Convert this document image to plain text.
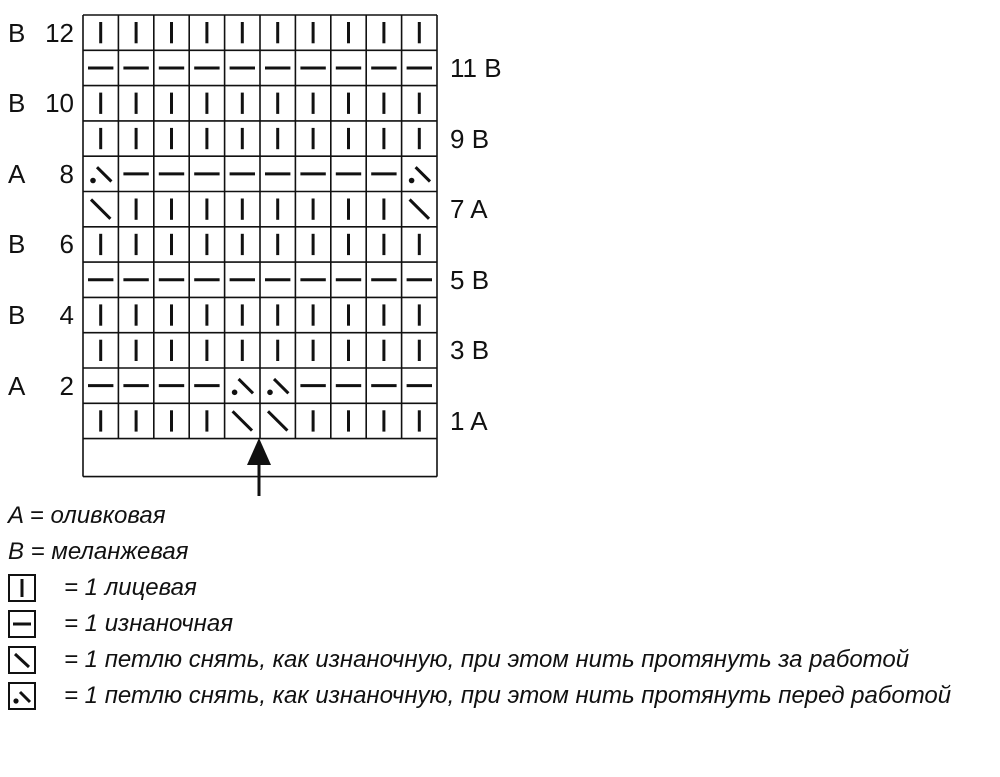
B 12
11 B
B 10
9 B
A 8
7 A
B 6
5 B
B 4
3 B
A 2
1 A
A = оливковая
B = меланжевая
= 1 лицевая
= 1 изнаночная
= 1 петлю снять, как изнаночную, при этом нить протянуть за работой
= 1 петлю снять, как изнаночную, при этом нить протянуть перед работой
